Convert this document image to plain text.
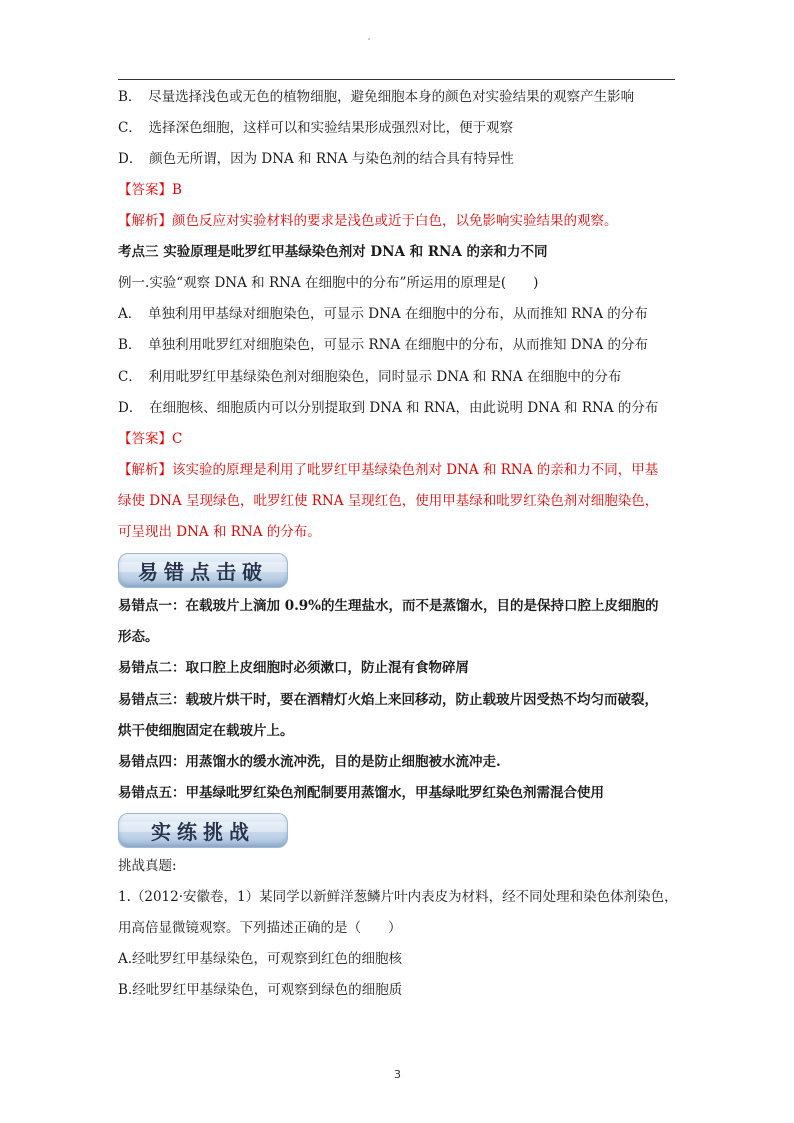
B．　尽量选择浅色或无色的植物细胞，避免细胞本身的颜色对实验结果的观察产生影响
C．　选择深色细胞，这样可以和实验结果形成强烈对比，便于观察
D．　颜色无所谓，因为 DNA 和 RNA 与染色剂的结合具有特异性
【答案】B
【解析】颜色反应对实验材料的要求是浅色或近于白色，以免影响实验结果的观察。
考点三 实验原理是吡罗红甲基绿染色剂对 DNA 和 RNA 的亲和力不同
例一.实验“观察 DNA 和 RNA 在细胞中的分布”所运用的原理是(　　)
A．　单独利用甲基绿对细胞染色，可显示 DNA 在细胞中的分布，从而推知 RNA 的分布
B．　单独利用吡罗红对细胞染色，可显示 RNA 在细胞中的分布，从而推知 DNA 的分布
C．　利用吡罗红甲基绿染色剂对细胞染色，同时显示 DNA 和 RNA 在细胞中的分布
D．　在细胞核、细胞质内可以分别提取到 DNA 和 RNA，由此说明 DNA 和 RNA 的分布
【答案】C
【解析】该实验的原理是利用了吡罗红甲基绿染色剂对 DNA 和 RNA 的亲和力不同，甲基
绿使 DNA 呈现绿色，吡罗红使 RNA 呈现红色，使用甲基绿和吡罗红染色剂对细胞染色，
可呈现出 DNA 和 RNA 的分布。
易错点击破
易错点一：在载玻片上滴加 0.9%的生理盐水，而不是蒸馏水，目的是保持口腔上皮细胞的
形态。
易错点二：取口腔上皮细胞时必须漱口，防止混有食物碎屑
易错点三：载玻片烘干时，要在酒精灯火焰上来回移动，防止载玻片因受热不均匀而破裂，
烘干使细胞固定在载玻片上。
易错点四：用蒸馏水的缓水流冲洗，目的是防止细胞被水流冲走.
易错点五：甲基绿吡罗红染色剂配制要用蒸馏水，甲基绿吡罗红染色剂需混合使用
实练挑战
挑战真题:
1.（2012·安徽卷，1）某同学以新鲜洋葱鳞片叶内表皮为材料，经不同处理和染色体剂染色，
用高倍显微镜观察。下列描述正确的是（　　）
A.经吡罗红甲基绿染色，可观察到红色的细胞核
B.经吡罗红甲基绿染色，可观察到绿色的细胞质
3
